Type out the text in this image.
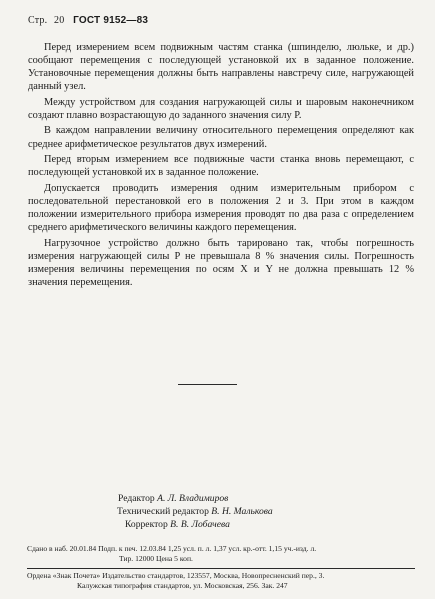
Стр. 20 ГОСТ 9152—83

Перед измерением всем подвижным частям станка (шпинделю, люльке, и др.) сообщают перемещения с последующей установкой их в заданное положение. Установочные перемещения должны быть направлены навстречу силе, нагружающей данный узел.

Между устройством для создания нагружающей силы и шаровым наконечником создают плавно возрастающую до заданного значения силу P.

В каждом направлении величину относительного перемещения определяют как среднее арифметическое результатов двух измерений.

Перед вторым измерением все подвижные части станка вновь перемещают, с последующей установкой их в заданное положение.

Допускается проводить измерения одним измерительным прибором с последовательной перестановкой его в положения 2 и 3. При этом в каждом положении измерительного прибора измерения проводят по два раза с определением среднего арифметического величины каждого перемещения.

Нагрузочное устройство должно быть тарировано так, чтобы погрешность измерения нагружающей силы P не превышала 8 % значения силы. Погрешность измерения величины перемещения по осям X и Y не должна превышать 12 % значения перемещения.

Редактор А. Л. Владимиров
Технический редактор В. Н. Малькова
Корректор В. В. Лобачева
Сдано в наб. 20.01.84 Подп. к печ. 12.03.84 1,25 усл. п. л. 1,37 усл. кр.-отт. 1,15 уч.-изд. л.
Тир. 12000 Цена 5 коп.
Ордена «Знак Почета» Издательство стандартов, 123557, Москва, Новопресненский пер., 3.
Калужская типография стандартов, ул. Московская, 256. Зак. 247
